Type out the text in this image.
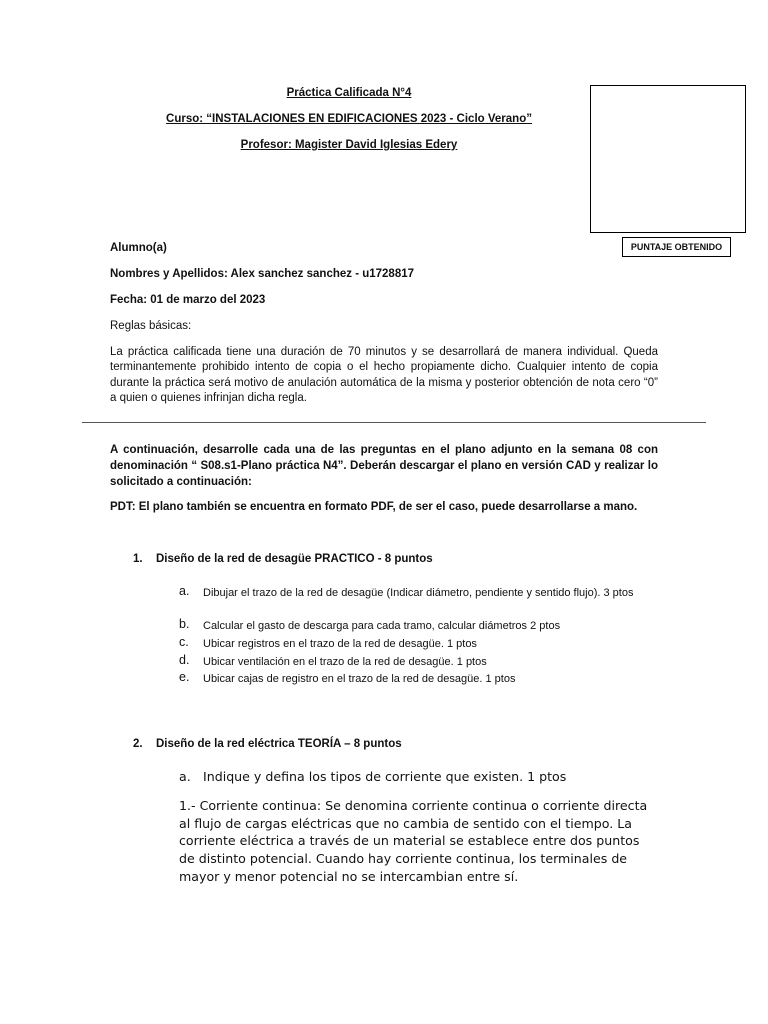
Práctica Calificada N°4
Curso: “INSTALACIONES EN EDIFICACIONES 2023 - Ciclo Verano”
Profesor: Magister David Iglesias Edery
PUNTAJE OBTENIDO
Alumno(a)
Nombres y Apellidos: Alex sanchez sanchez - u1728817
Fecha: 01 de marzo del 2023
Reglas básicas:
La práctica calificada tiene una duración de 70 minutos y se desarrollará de manera individual. Queda terminantemente prohibido intento de copia o el hecho propiamente dicho. Cualquier intento de copia durante la práctica será motivo de anulación automática de la misma y posterior obtención de nota cero “0” a quien o quienes infrinjan dicha regla.
A continuación, desarrolle cada una de las preguntas en el plano adjunto en la semana 08 con denominación “ S08.s1-Plano práctica N4”. Deberán descargar el plano en versión CAD y realizar lo solicitado a continuación:
PDT: El plano también se encuentra en formato PDF, de ser el caso, puede desarrollarse a mano.
1. Diseño de la red de desagüe PRACTICO - 8 puntos
a. Dibujar el trazo de la red de desagüe (Indicar diámetro, pendiente y sentido flujo). 3 ptos
b. Calcular el gasto de descarga para cada tramo, calcular diámetros 2 ptos
c. Ubicar registros en el trazo de la red de desagüe. 1 ptos
d. Ubicar ventilación en el trazo de la red de desagüe. 1 ptos
e. Ubicar cajas de registro en el trazo de la red de desagüe. 1 ptos
2. Diseño de la red eléctrica TEORÍA – 8 puntos
a. Indique y defina los tipos de corriente que existen. 1 ptos
1.- Corriente continua: Se denomina corriente continua o corriente directa al flujo de cargas eléctricas que no cambia de sentido con el tiempo. La corriente eléctrica a través de un material se establece entre dos puntos de distinto potencial. Cuando hay corriente continua, los terminales de mayor y menor potencial no se intercambian entre sí.
